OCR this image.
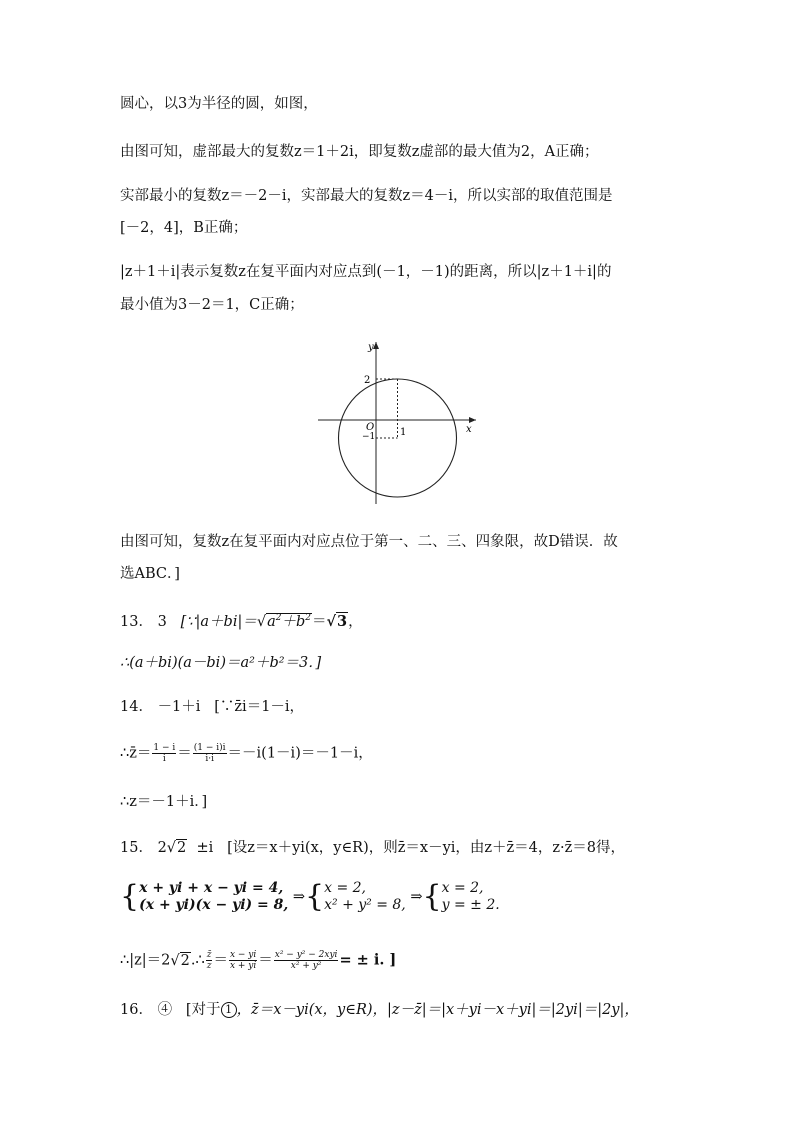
圆心，以3为半径的圆，如图，
由图可知，虚部最大的复数z＝1＋2i，即复数z虚部的最大值为2，A正确；
实部最小的复数z＝－2－i，实部最大的复数z＝4－i，所以实部的取值范围是
[－2，4]，B正确；
|z＋1＋i|表示复数z在复平面内对应点到(－1，－1)的距离，所以|z＋1＋i|的
最小值为3－2＝1，C正确；
y
x
O
2
−1 1
由图可知，复数z在复平面内对应点位于第一、二、三、四象限，故D错误．故
选ABC．]
13． 3 [$\because|a+bi|=√a^2+b^2=√3$，
∴(a＋bi)(a－bi)＝a²＋b²＝3．]
14． －1＋i [∵z̄i＝1－i，
∴z̄＝ $\frac{1 - i}{i} = \frac{(1 - i)i}{i\cdot i} =-i(1-i)=-1-i$，
∴z＝－1＋i．]
15． 2√2 ±i [设z＝x＋yi(x，y∈R)，则z̄＝x－yi，由z＋z̄＝4，z·z̄＝8得，
{x + yi + x − yi = 4,
(x + yi)(x − yi) = 8, ⇒{x = 2,
x² + y² = 8, ⇒{x = 2,
y = ± 2.
∴|z|＝2√2.∴ $\frac{z̄}{z} = \frac{x - yi}{x + yi} = \frac{\text{x² − y² − 2xyi}}{\text{x² + y²}}$ = ± i. ]
16． ④ [对于 1 ，z̄＝x－yi(x，y∈R)，|z－z̄|＝|x＋yi－x＋yi|＝|2yi|＝|2y|，
